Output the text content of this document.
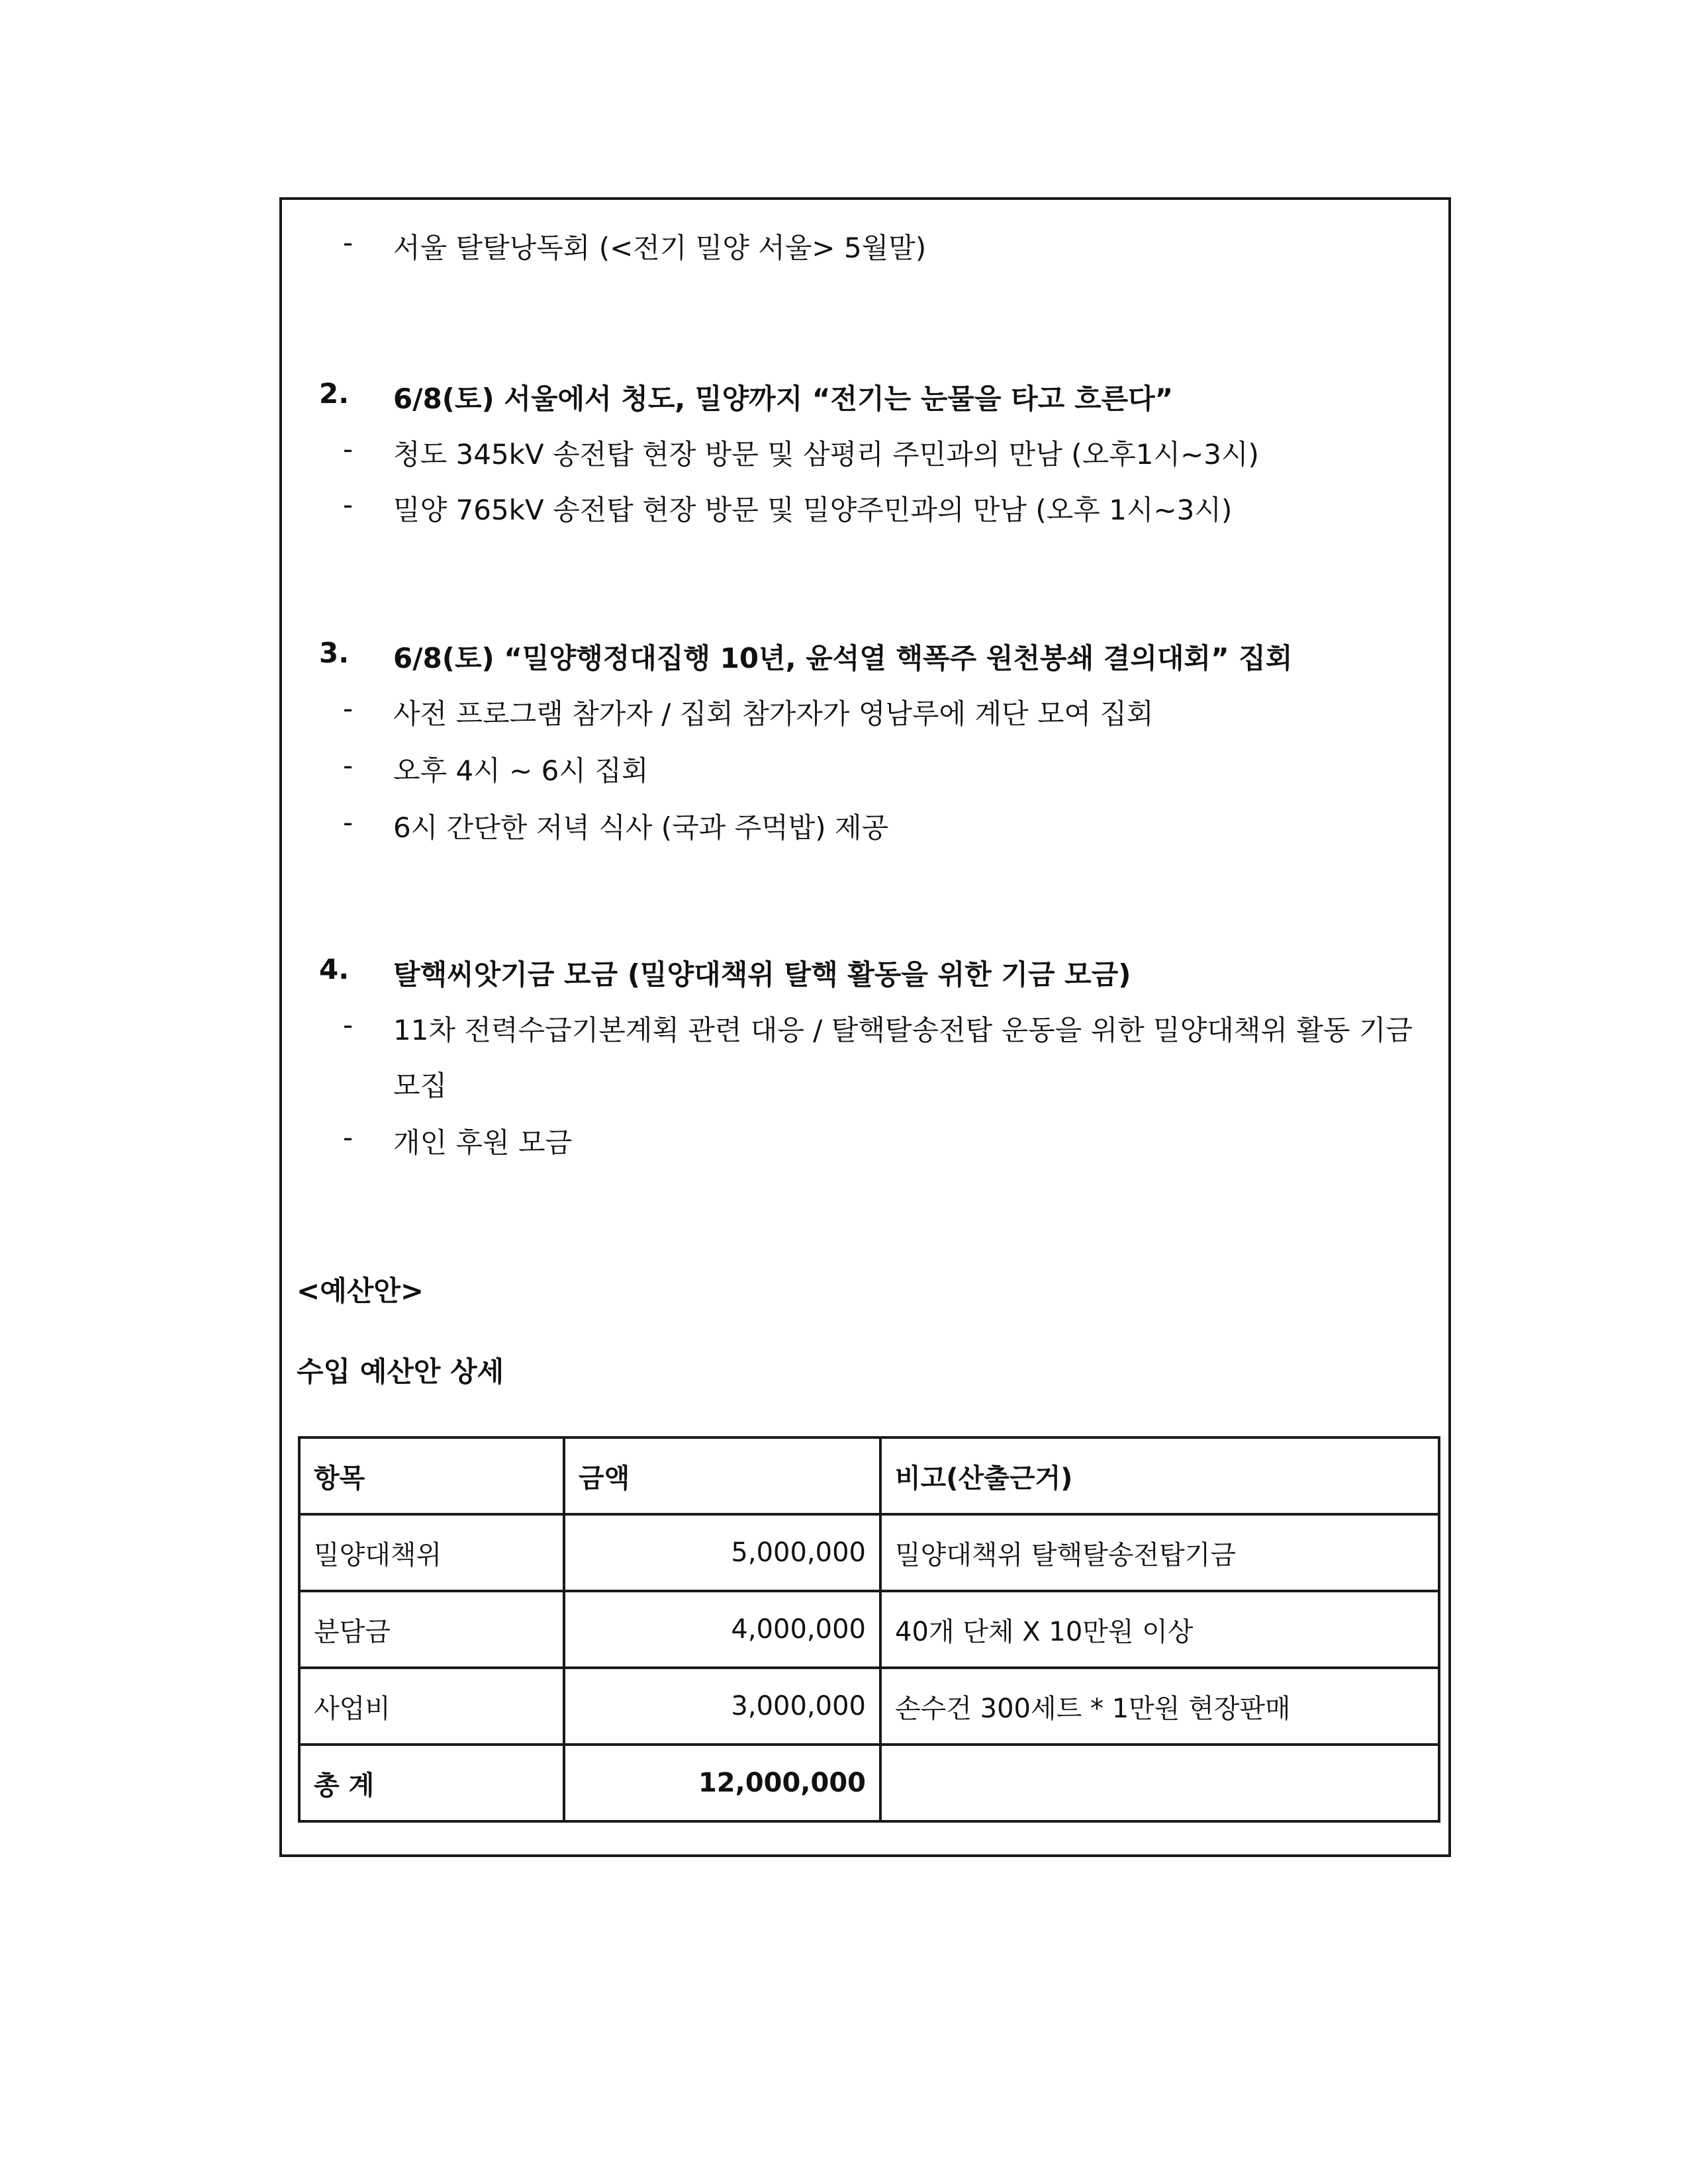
- 서울 탈탈낭독회 (<전기 밀양 서울> 5월말)
2. 6/8(토) 서울에서 청도, 밀양까지 “전기는 눈물을 타고 흐른다”
- 청도 345kV 송전탑 현장 방문 및 삼평리 주민과의 만남 (오후1시~3시)
- 밀양 765kV 송전탑 현장 방문 및 밀양주민과의 만남 (오후 1시~3시)
3. 6/8(토) “밀양행정대집행 10년, 윤석열 핵폭주 원천봉쇄 결의대회” 집회
- 사전 프로그램 참가자 / 집회 참가자가 영남루에 계단 모여 집회
- 오후 4시 ~ 6시 집회
- 6시 간단한 저녁 식사 (국과 주먹밥) 제공
4. 탈핵씨앗기금 모금 (밀양대책위 탈핵 활동을 위한 기금 모금)
- 11차 전력수급기본계획 관련 대응 / 탈핵탈송전탑 운동을 위한 밀양대책위 활동 기금
모집
- 개인 후원 모금
<예산안>
수입 예산안 상세
항목	금액	비고(산출근거)
밀양대책위	5,000,000	밀양대책위 탈핵탈송전탑기금
분담금	4,000,000	40개 단체 X 10만원 이상
사업비	3,000,000	손수건 300세트 * 1만원 현장판매
총 계	12,000,000	
